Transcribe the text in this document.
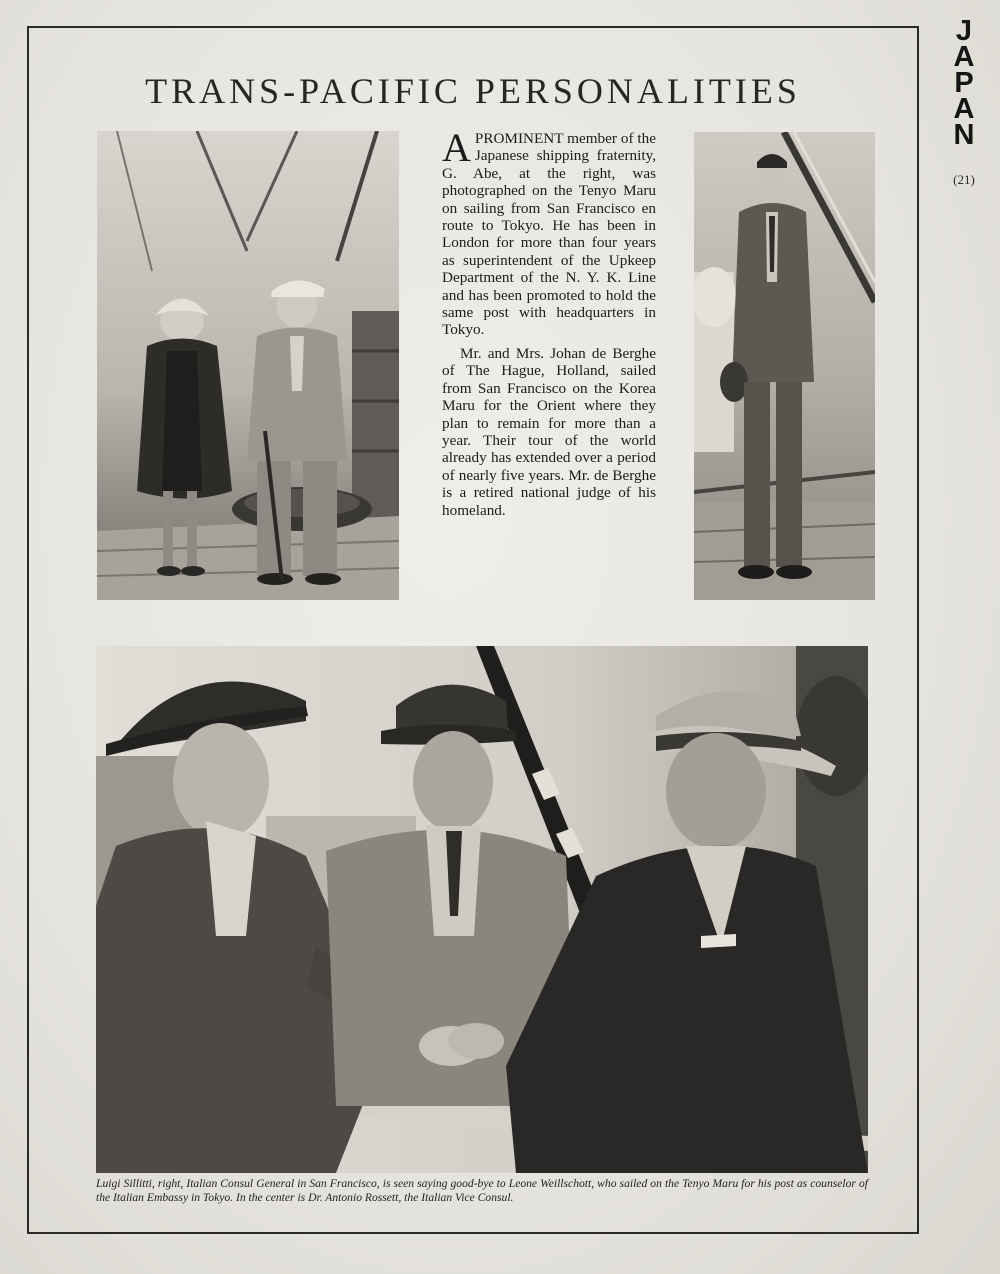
J
A
P
A
N
(21)
TRANS-PACIFIC PERSONALITIES

APROMINENT member of the Japanese shipping fraternity, G. Abe, at the right, was photographed on the Tenyo Maru on sailing from San Francisco en route to Tokyo. He has been in London for more than four years as superintendent of the Upkeep Department of the N. Y. K. Line and has been promoted to hold the same post with headquarters in Tokyo.

Mr. and Mrs. Johan de Berghe of The Hague, Holland, sailed from San Francisco on the Korea Maru for the Orient where they plan to remain for more than a year. Their tour of the world already has extended over a period of nearly five years. Mr. de Berghe is a retired national judge of his homeland.

Luigi Sillitti, right, Italian Consul General in San Francisco, is seen saying good-bye to Leone Weillschott, who sailed on the Tenyo Maru for his post as counselor of the Italian Embassy in Tokyo. In the center is Dr. Antonio Rossett, the Italian Vice Consul.
